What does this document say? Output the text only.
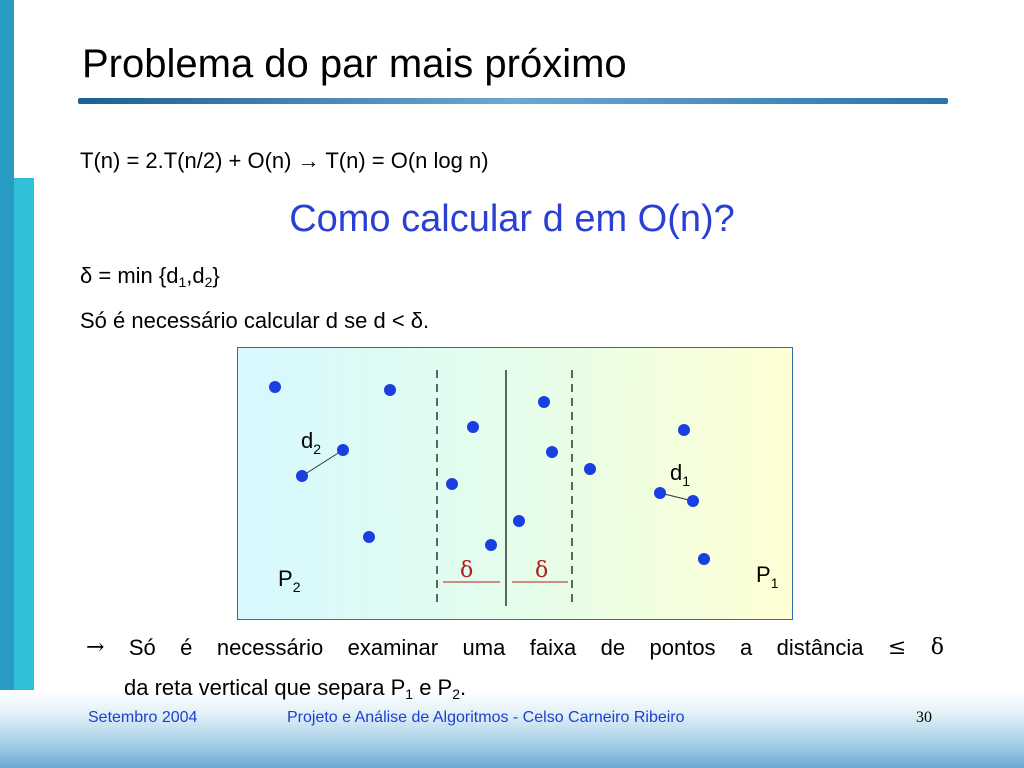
Problema do par mais próximo
T(n) = 2.T(n/2) + O(n) → T(n) = O(n log n)
Como calcular d em O(n)?
$\delta = \min \{d_1,d_2\}$
Só é necessário calcular d se d < δ.
$d_2$
$d_1$
$P_2$	$P_1$
δ	δ
→ Só é necessário examinar uma faixa de pontos a distância ≤ δ
da reta vertical que separa $P_1$ e $P_2$.
Setembro 2004	Projeto e Análise de Algoritmos - Celso Carneiro Ribeiro	30
